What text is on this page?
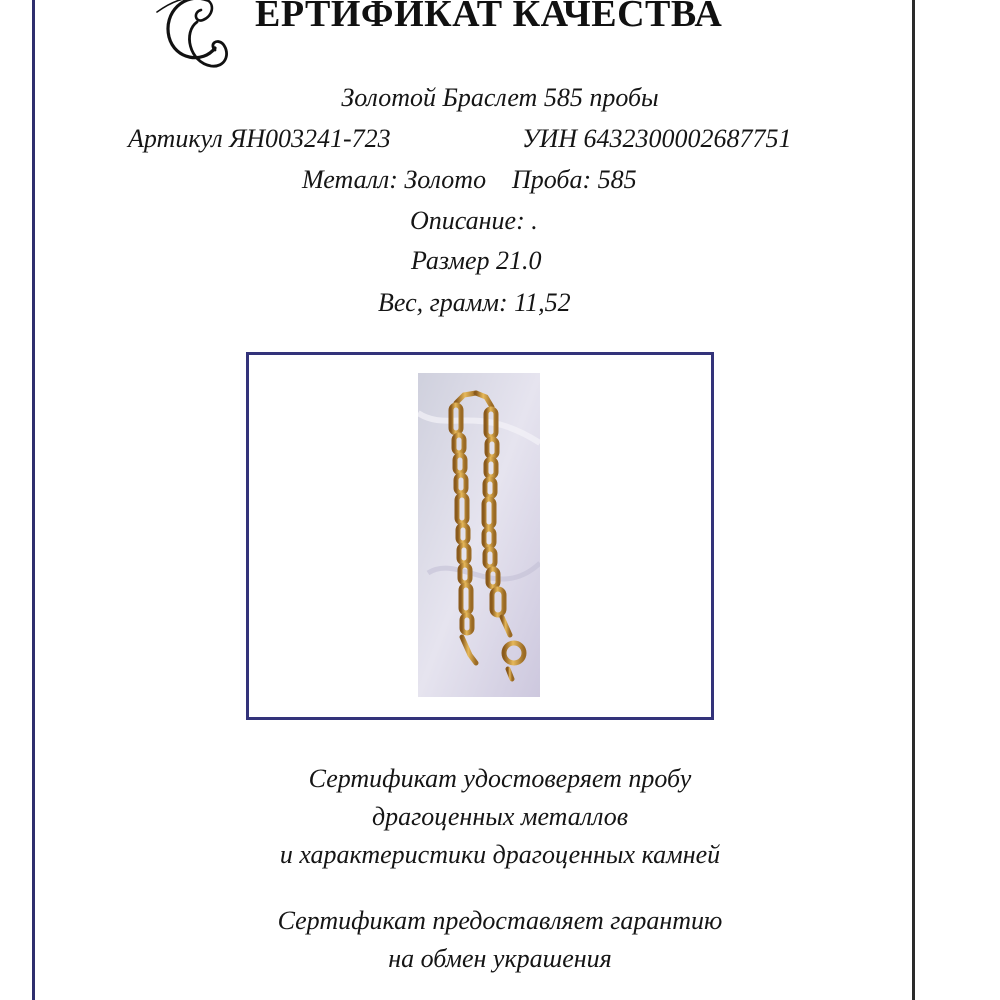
ЕРТИФИКАТ КАЧЕСТВА
Золотой Браслет 585 пробы
Артикул ЯН003241-723	УИН 6432300002687751
Металл: Золото Проба: 585
Описание: .
Размер 21.0
Вес, грамм: 11,52
Сертификат удостоверяет пробу
драгоценных металлов
и характеристики драгоценных камней
Сертификат предоставляет гарантию
на обмен украшения
